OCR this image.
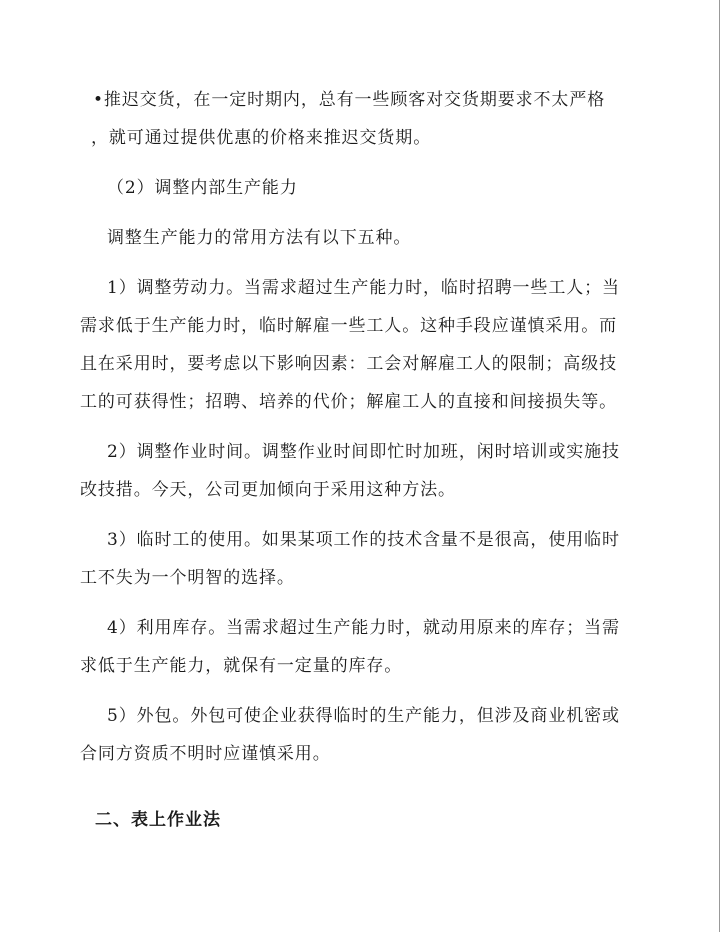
•推迟交货，在一定时期内，总有一些顾客对交货期要求不太严格

，就可通过提供优惠的价格来推迟交货期。

（2）调整内部生产能力

调整生产能力的常用方法有以下五种。

1）调整劳动力。当需求超过生产能力时，临时招聘一些工人；当

需求低于生产能力时，临时解雇一些工人。这种手段应谨慎采用。而

且在采用时，要考虑以下影响因素：工会对解雇工人的限制；高级技

工的可获得性；招聘、培养的代价；解雇工人的直接和间接损失等。

2）调整作业时间。调整作业时间即忙时加班，闲时培训或实施技

改技措。今天，公司更加倾向于采用这种方法。

3）临时工的使用。如果某项工作的技术含量不是很高，使用临时

工不失为一个明智的选择。

4）利用库存。当需求超过生产能力时，就动用原来的库存；当需

求低于生产能力，就保有一定量的库存。

5）外包。外包可使企业获得临时的生产能力，但涉及商业机密或

合同方资质不明时应谨慎采用。

二、表上作业法
